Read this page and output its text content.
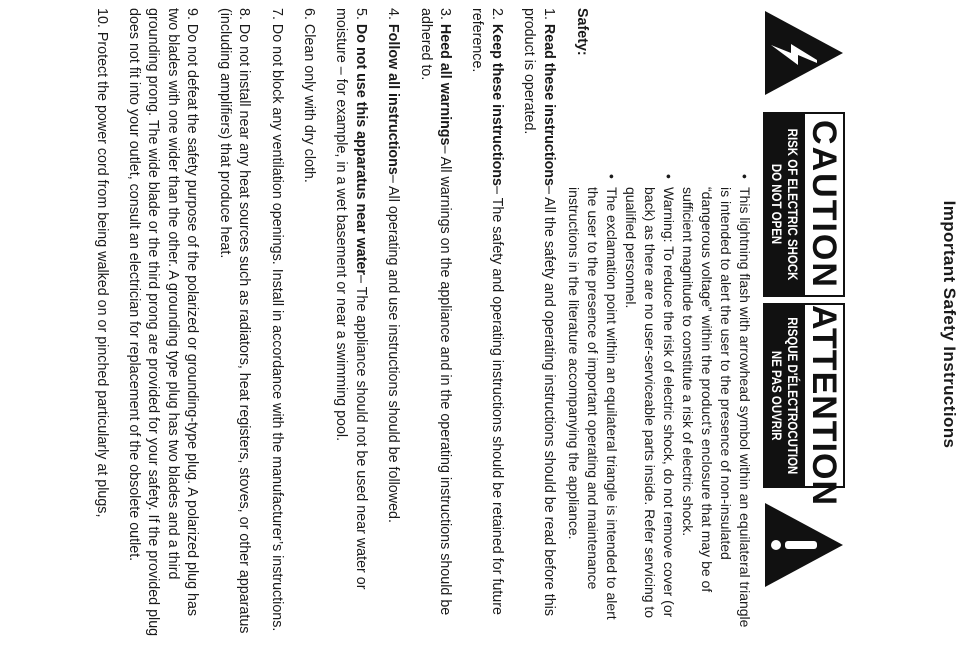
Important Safety Instructions
CAUTION
RISK OF ELECTRIC SHOCK
DO NOT OPEN
ATTENTION
RISQUE D'ÉLECTROCUTION
NE PAS OUVRIR
• This lightning flash with arrowhead symbol within an equilateral triangle is intended to alert the user to the presence of non-insulated “dangerous voltage” within the product’s enclosure that may be of sufficient magnitude to constitute a risk of electric shock.
• Warning: To reduce the risk of electric shock, do not remove cover (or back) as there are no user-serviceable parts inside. Refer servicing to qualified personnel.
• The exclamation point within an equilateral triangle is intended to alert the user to the presence of important operating and maintenance instructions in the literature accompanying the appliance.
Safety:

1. Read these instructions– All the safety and operating instructions should be read before this product is operated.

2. Keep these instructions– The safety and operating instructions should be retained for future reference.

3. Heed all warnings– All warnings on the appliance and in the operating instructions should be adhered to.

4. Follow all instructions– All operating and use instructions should be followed.

5. Do not use this apparatus near water– The appliance should not be used near water or moisture – for example, in a wet basement or near a swimming pool.

6. Clean only with dry cloth.

7. Do not block any ventilation openings. Install in accordance with the manufacturer’s instructions.

8. Do not install near any heat sources such as radiators, heat registers, stoves, or other apparatus (including amplifiers) that produce heat.

9. Do not defeat the safety purpose of the polarized or grounding-type plug. A polarized plug has two blades with one wider than the other. A grounding type plug has two blades and a third grounding prong. The wide blade or the third prong are provided for your safety. If the provided plug does not fit into your outlet, consult an electrician for replacement of the obsolete outlet.

10. Protect the power cord from being walked on or pinched particularly at plugs,
